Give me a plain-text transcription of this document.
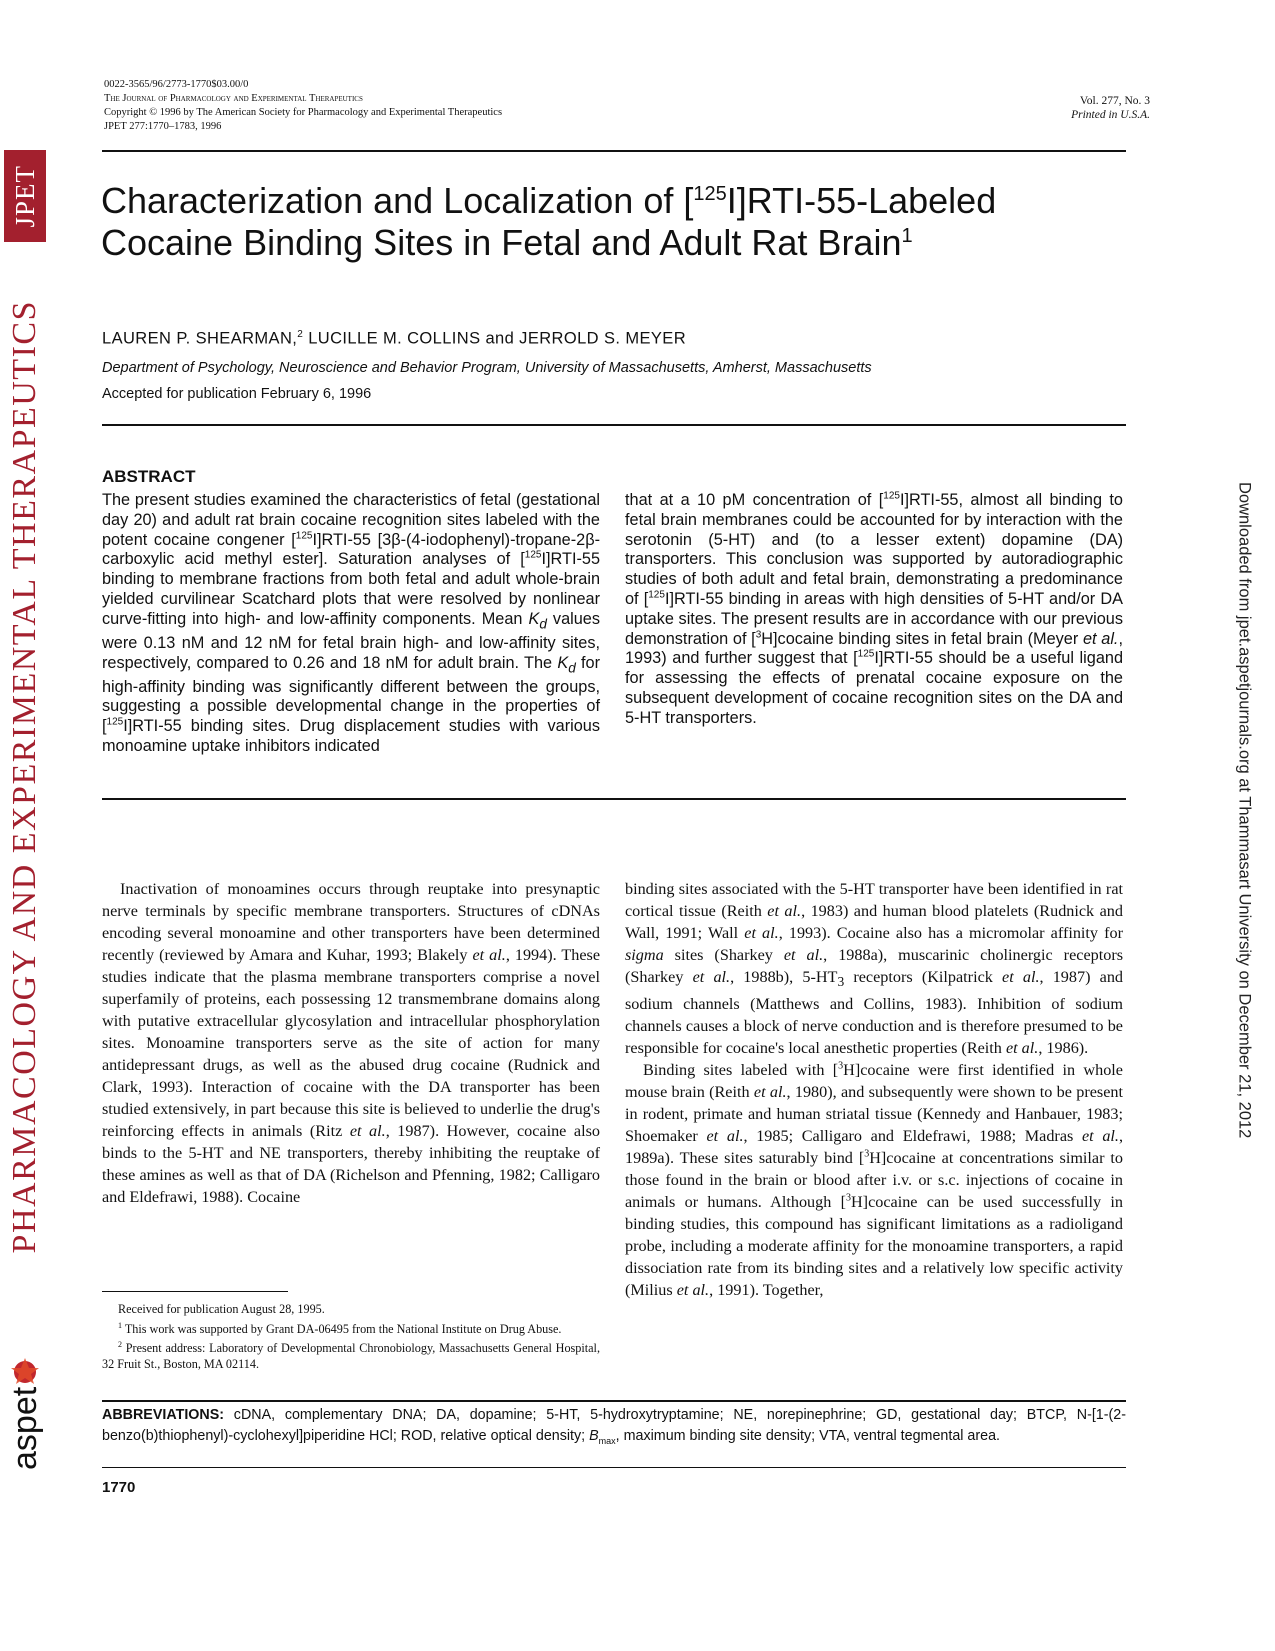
JPET
PHARMACOLOGY AND EXPERIMENTAL THERAPEUTICS
aspet
Downloaded from jpet.aspetjournals.org at Thammasart University on December 21, 2012
0022-3565/96/2773-1770$03.00/0
The Journal of Pharmacology and Experimental Therapeutics
Copyright © 1996 by The American Society for Pharmacology and Experimental Therapeutics
JPET 277:1770–1783, 1996
Vol. 277, No. 3
Printed in U.S.A.
Characterization and Localization of [$^{125}$I]RTI-55-Labeled
Cocaine Binding Sites in Fetal and Adult Rat Brain$^1$
LAUREN P. SHEARMAN,$^2$ LUCILLE M. COLLINS and JERROLD S. MEYER
Department of Psychology, Neuroscience and Behavior Program, University of Massachusetts, Amherst, Massachusetts
Accepted for publication February 6, 1996
ABSTRACT
The present studies examined the characteristics of fetal (gestational day 20) and adult rat brain cocaine recognition sites labeled with the potent cocaine congener [$^{125}$I]RTI-55 [3β-(4-iodophenyl)-tropane-2β-carboxylic acid methyl ester]. Saturation analyses of [$^{125}$I]RTI-55 binding to membrane fractions from both fetal and adult whole-brain yielded curvilinear Scatchard plots that were resolved by nonlinear curve-fitting into high- and low-affinity components. Mean $K_d$ values were 0.13 nM and 12 nM for fetal brain high- and low-affinity sites, respectively, compared to 0.26 and 18 nM for adult brain. The $K_d$ for high-affinity binding was significantly different between the groups, suggesting a possible developmental change in the properties of [$^{125}$I]RTI-55 binding sites. Drug displacement studies with various monoamine uptake inhibitors indicated
that at a 10 pM concentration of [$^{125}$I]RTI-55, almost all binding to fetal brain membranes could be accounted for by interaction with the serotonin (5-HT) and (to a lesser extent) dopamine (DA) transporters. This conclusion was supported by autoradiographic studies of both adult and fetal brain, demonstrating a predominance of [$^{125}$I]RTI-55 binding in areas with high densities of 5-HT and/or DA uptake sites. The present results are in accordance with our previous demonstration of [$^3$H]cocaine binding sites in fetal brain (Meyer et al., 1993) and further suggest that [$^{125}$I]RTI-55 should be a useful ligand for assessing the effects of prenatal cocaine exposure on the subsequent development of cocaine recognition sites on the DA and 5-HT transporters.

Inactivation of monoamines occurs through reuptake into presynaptic nerve terminals by specific membrane transporters. Structures of cDNAs encoding several monoamine and other transporters have been determined recently (reviewed by Amara and Kuhar, 1993; Blakely et al., 1994). These studies indicate that the plasma membrane transporters comprise a novel superfamily of proteins, each possessing 12 transmembrane domains along with putative extracellular glycosylation and intracellular phosphorylation sites. Monoamine transporters serve as the site of action for many antidepressant drugs, as well as the abused drug cocaine (Rudnick and Clark, 1993). Interaction of cocaine with the DA transporter has been studied extensively, in part because this site is believed to underlie the drug's reinforcing effects in animals (Ritz et al., 1987). However, cocaine also binds to the 5-HT and NE transporters, thereby inhibiting the reuptake of these amines as well as that of DA (Richelson and Pfenning, 1982; Calligaro and Eldefrawi, 1988). Cocaine

binding sites associated with the 5-HT transporter have been identified in rat cortical tissue (Reith et al., 1983) and human blood platelets (Rudnick and Wall, 1991; Wall et al., 1993). Cocaine also has a micromolar affinity for sigma sites (Sharkey et al., 1988a), muscarinic cholinergic receptors (Sharkey et al., 1988b), $5-HT_3$ receptors (Kilpatrick et al., 1987) and sodium channels (Matthews and Collins, 1983). Inhibition of sodium channels causes a block of nerve conduction and is therefore presumed to be responsible for cocaine's local anesthetic properties (Reith et al., 1986).

Binding sites labeled with [$^3$H]cocaine were first identified in whole mouse brain (Reith et al., 1980), and subsequently were shown to be present in rodent, primate and human striatal tissue (Kennedy and Hanbauer, 1983; Shoemaker et al., 1985; Calligaro and Eldefrawi, 1988; Madras et al., 1989a). These sites saturably bind [$^3$H]cocaine at concentrations similar to those found in the brain or blood after i.v. or s.c. injections of cocaine in animals or humans. Although [$^3$H]cocaine can be used successfully in binding studies, this compound has significant limitations as a radioligand probe, including a moderate affinity for the monoamine transporters, a rapid dissociation rate from its binding sites and a relatively low specific activity (Milius et al., 1991). Together,

Received for publication August 28, 1995.
$^1$ This work was supported by Grant DA-06495 from the National Institute on Drug Abuse.
$^2$ Present address: Laboratory of Developmental Chronobiology, Massachusetts General Hospital, 32 Fruit St., Boston, MA 02114.
ABBREVIATIONS: cDNA, complementary DNA; DA, dopamine; 5-HT, 5-hydroxytryptamine; NE, norepinephrine; GD, gestational day; BTCP, N-[1-(2-benzo(b)thiophenyl)-cyclohexyl]piperidine HCl; ROD, relative optical density; $B_{max}$, maximum binding site density; VTA, ventral tegmental area.
1770
